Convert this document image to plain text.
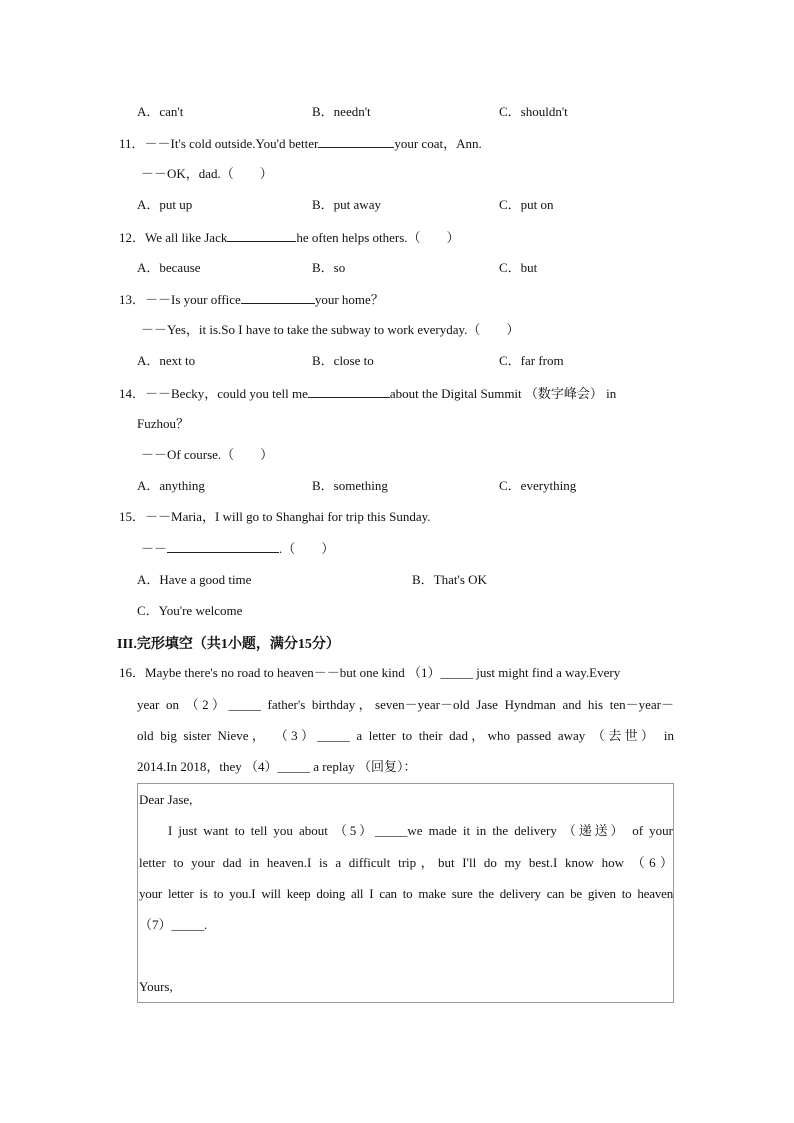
A．can't	B．needn't	C．shouldn't
11．－－It's cold outside.You'd better	your coat，Ann.
－－OK，dad.（　　）
A．put up	B．put away	C．put on
12．We all like Jack	he often helps others.（　　）
A．because	B．so	C．but
13．－－Is your office	your home？
－－Yes，it is.So I have to take the subway to work everyday.（　　）
A．next to	B．close to	C．far from
14．－－Becky，could you tell me	about the Digital Summit （数字峰会） in
Fuzhou？
－－Of course.（　　）
A．anything	B．something	C．everything
15．－－Maria，I will go to Shanghai for trip this Sunday.
－－	.（　　）
A．Have a good time	B．That's OK
C．You're welcome
III.完形填空（共1小题，满分15分）
16．Maybe there's no road to heaven－－but one kind （1）_____ just might find a way.Every
year on （2）_____ father's birthday，seven－year－old Jase Hyndman and his ten－year－
old big sister Nieve， （3）_____ a letter to their dad，who passed away （去世） in
2014.In 2018，they （4）_____ a replay （回复）：
Dear Jase,
I just want to tell you about （5）_____we made it in the delivery （递送） of your
letter to your dad in heaven.I is a difficult trip，but I'll do my best.I know how （6）
your letter is to you.I will keep doing all I can to make sure the delivery can be given to heaven
（7）_____.
Yours,
